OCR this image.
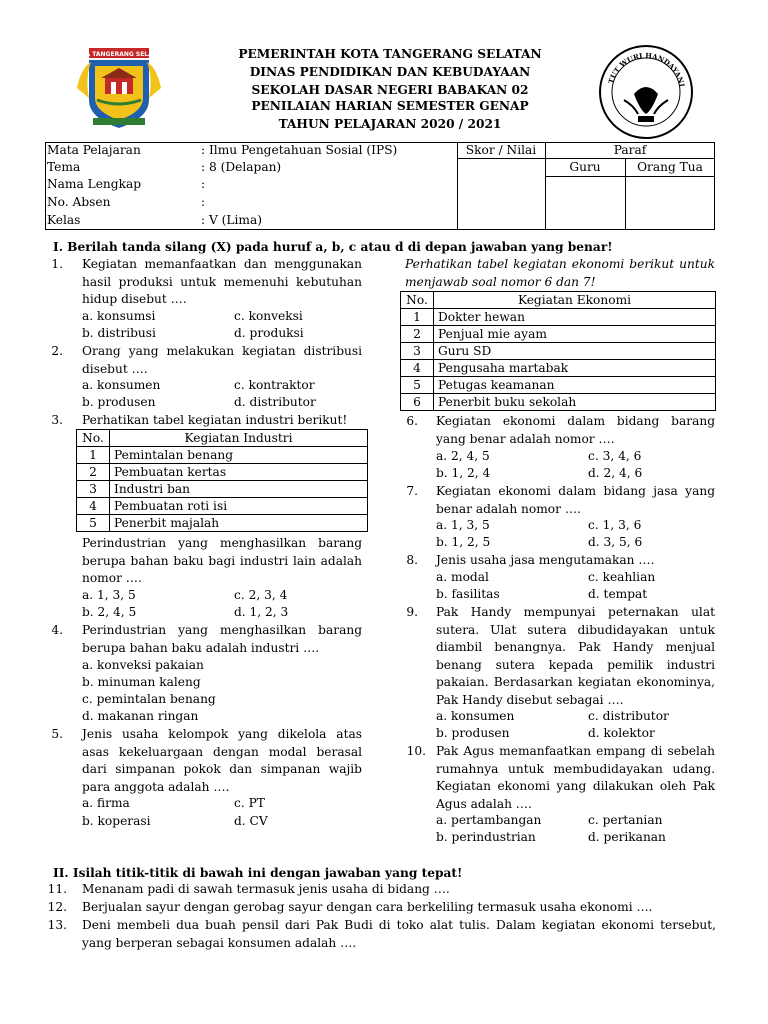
KOTA TANGERANG SELATAN	PEMERINTAH KOTA TANGERANG SELATAN
DINAS PENDIDIKAN DAN KEBUDAYAAN
SEKOLAH DASAR NEGERI BABAKAN 02
PENILAIAN HARIAN SEMESTER GENAP
TAHUN PELAJARAN 2020 / 2021
TUT WURI HANDAYANI
Mata Pelajaran	: Ilmu Pengetahuan Sosial (IPS)
Tema	: 8 (Delapan)
Nama Lengkap	:
No. Absen	:
Kelas	: V (Lima)
Skor / Nilai	Paraf
Guru	Orang Tua
I. Berilah tanda silang (X) pada huruf a, b, c atau d di depan jawaban yang benar!
1. Kegiatan memanfaatkan dan menggunakan hasil produksi untuk memenuhi kebutuhan hidup disebut ….
a. konsumsi	c. konveksi
b. distribusi	d. produksi
2. Orang yang melakukan kegiatan distribusi disebut ….
a. konsumen	c. kontraktor
b. produsen	d. distributor
3. Perhatikan tabel kegiatan industri berikut!
No.	Kegiatan Industri
1	Pemintalan benang
2	Pembuatan kertas
3	Industri ban
4	Pembuatan roti isi
5	Penerbit majalah
Perindustrian yang menghasilkan barang berupa bahan baku bagi industri lain adalah nomor ….
a. 1, 3, 5	c. 2, 3, 4
b. 2, 4, 5	d. 1, 2, 3
4. Perindustrian yang menghasilkan barang berupa bahan baku adalah industri ….
a. konveksi pakaian
b. minuman kaleng
c. pemintalan benang
d. makanan ringan
5. Jenis usaha kelompok yang dikelola atas asas kekeluargaan dengan modal berasal dari simpanan pokok dan simpanan wajib para anggota adalah ….
a. firma	c. PT
b. koperasi	d. CV
Perhatikan tabel kegiatan ekonomi berikut untuk menjawab soal nomor 6 dan 7!
No.	Kegiatan Ekonomi
1	Dokter hewan
2	Penjual mie ayam
3	Guru SD
4	Pengusaha martabak
5	Petugas keamanan
6	Penerbit buku sekolah
6. Kegiatan ekonomi dalam bidang barang yang benar adalah nomor ….
a. 2, 4, 5	c. 3, 4, 6
b. 1, 2, 4	d. 2, 4, 6
7. Kegiatan ekonomi dalam bidang jasa yang benar adalah nomor ….
a. 1, 3, 5	c. 1, 3, 6
b. 1, 2, 5	d. 3, 5, 6
8. Jenis usaha jasa mengutamakan ….
a. modal	c. keahlian
b. fasilitas	d. tempat
9. Pak Handy mempunyai peternakan ulat sutera. Ulat sutera dibudidayakan untuk diambil benangnya. Pak Handy menjual benang sutera kepada pemilik industri pakaian. Berdasarkan kegiatan ekonominya, Pak Handy disebut sebagai ….
a. konsumen	c. distributor
b. produsen	d. kolektor
10. Pak Agus memanfaatkan empang di sebelah rumahnya untuk membudidayakan udang. Kegiatan ekonomi yang dilakukan oleh Pak Agus adalah ….
a. pertambangan	c. pertanian
b. perindustrian	d. perikanan
II. Isilah titik-titik di bawah ini dengan jawaban yang tepat!
11. Menanam padi di sawah termasuk jenis usaha di bidang ….
12. Berjualan sayur dengan gerobag sayur dengan cara berkeliling termasuk usaha ekonomi ….
13. Deni membeli dua buah pensil dari Pak Budi di toko alat tulis. Dalam kegiatan ekonomi tersebut, yang berperan sebagai konsumen adalah ….
